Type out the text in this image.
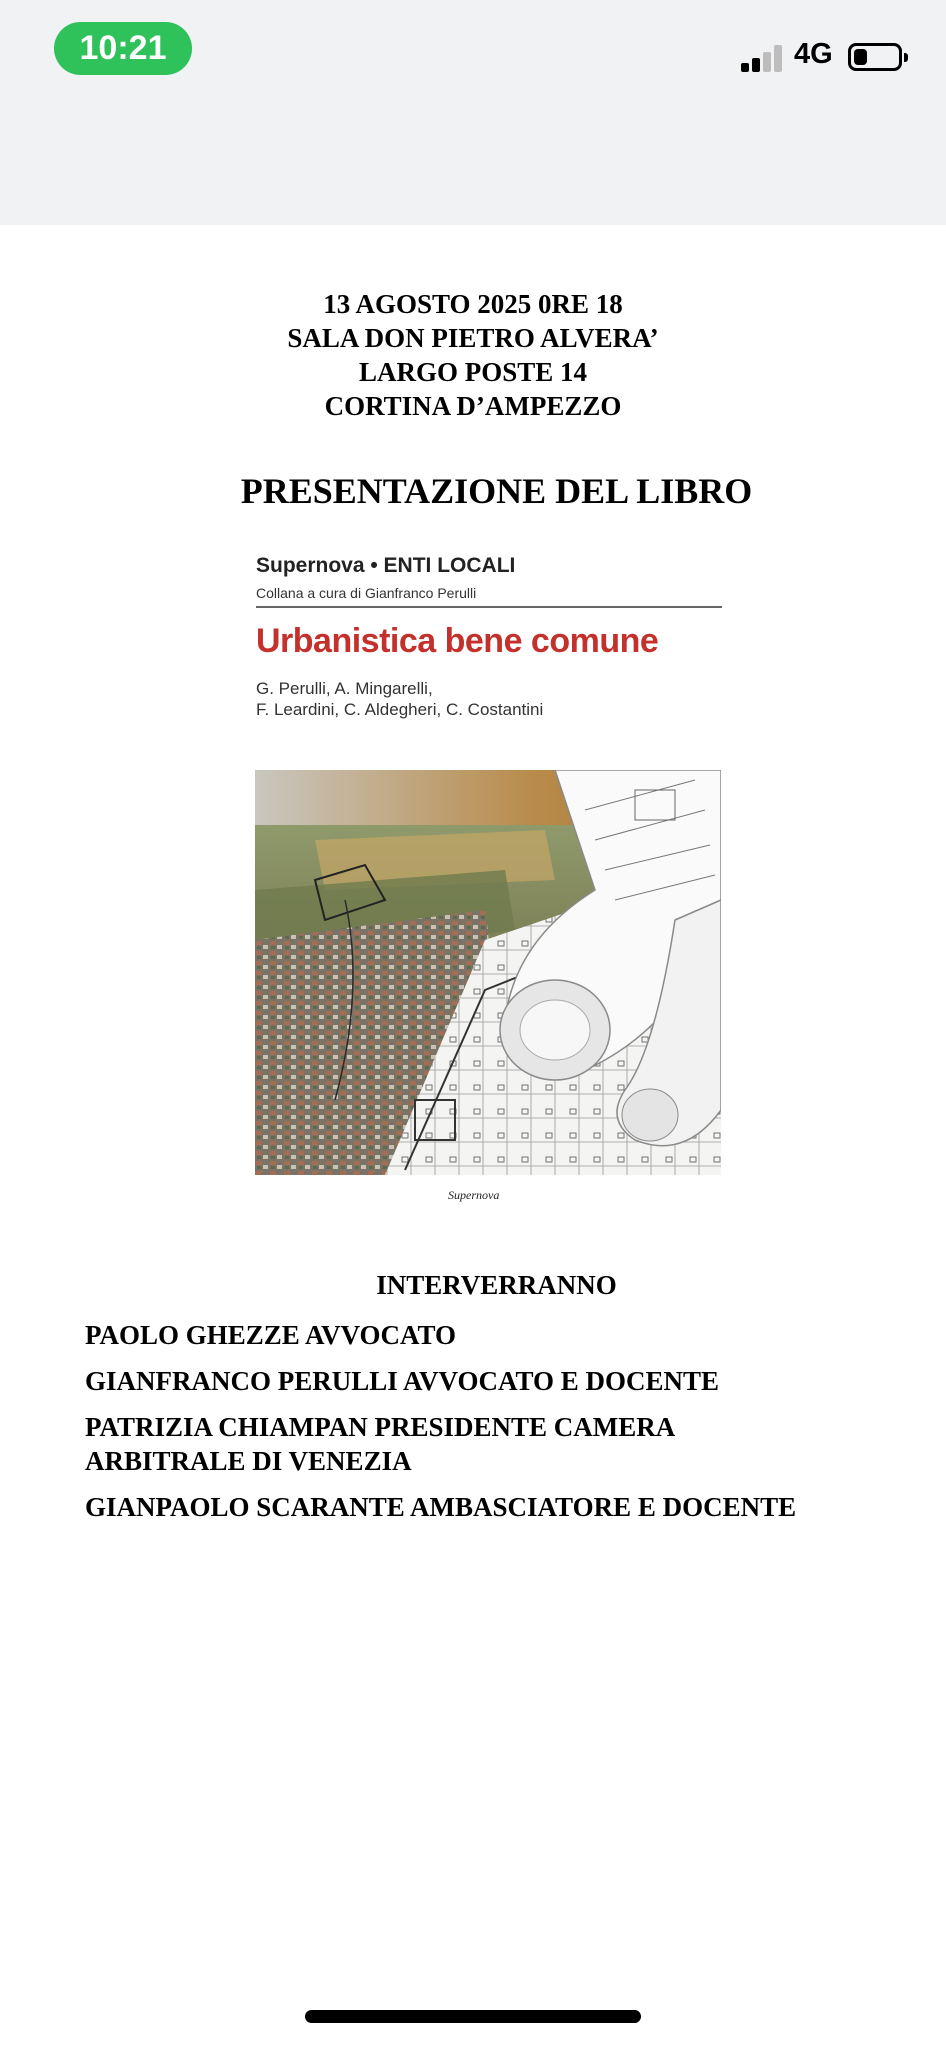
10:21	4G
13 AGOSTO 2025 0RE 18
SALA DON PIETRO ALVERA’
LARGO POSTE 14
CORTINA D’AMPEZZO
PRESENTAZIONE DEL LIBRO
Supernova • ENTI LOCALI
Collana a cura di Gianfranco Perulli
Urbanistica bene comune
G. Perulli, A. Mingarelli,
F. Leardini, C. Aldegheri, C. Costantini
Supernova
INTERVERRANNO
PAOLO GHEZZE AVVOCATO
GIANFRANCO PERULLI AVVOCATO E DOCENTE
PATRIZIA CHIAMPAN PRESIDENTE CAMERA ARBITRALE DI VENEZIA
GIANPAOLO SCARANTE AMBASCIATORE E DOCENTE
